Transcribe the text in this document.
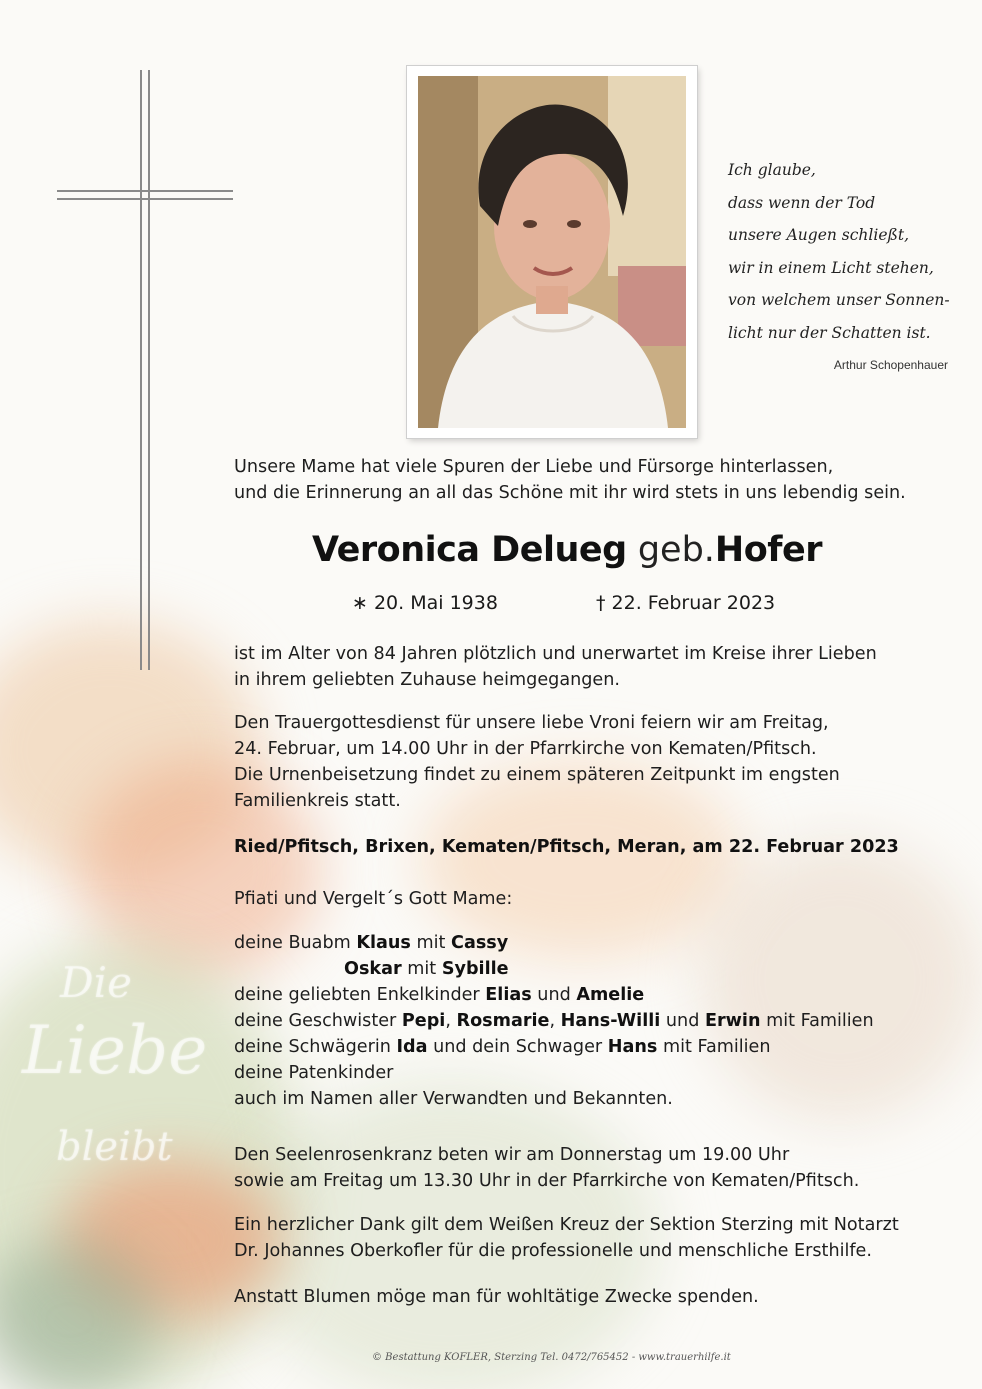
Die
Liebe
bleibt
Ich glaube,
dass wenn der Tod
unsere Augen schließt,
wir in einem Licht stehen,
von welchem unser Sonnen-
licht nur der Schatten ist.
Arthur Schopenhauer

Unsere Mame hat viele Spuren der Liebe und Fürsorge hinterlassen,

und die Erinnerung an all das Schöne mit ihr wird stets in uns lebendig sein.

Veronica Delueg geb.Hofer
∗ 20. Mai 1938	† 22. Februar 2023

ist im Alter von 84 Jahren plötzlich und unerwartet im Kreise ihrer Lieben

in ihrem geliebten Zuhause heimgegangen.

Den Trauergottesdienst für unsere liebe Vroni feiern wir am Freitag,

24. Februar, um 14.00 Uhr in der Pfarrkirche von Kematen/Pfitsch.

Die Urnenbeisetzung findet zu einem späteren Zeitpunkt im engsten

Familienkreis statt.

Ried/Pfitsch, Brixen, Kematen/Pfitsch, Meran, am 22. Februar 2023

Pfiati und Vergelt´s Gott Mame:

deine Buabm Klaus mit Cassy

Oskar mit Sybille

deine geliebten Enkelkinder Elias und Amelie

deine Geschwister Pepi, Rosmarie, Hans-Willi und Erwin mit Familien

deine Schwägerin Ida und dein Schwager Hans mit Familien

deine Patenkinder

auch im Namen aller Verwandten und Bekannten.

Den Seelenrosenkranz beten wir am Donnerstag um 19.00 Uhr

sowie am Freitag um 13.30 Uhr in der Pfarrkirche von Kematen/Pfitsch.

Ein herzlicher Dank gilt dem Weißen Kreuz der Sektion Sterzing mit Notarzt

Dr. Johannes Oberkofler für die professionelle und menschliche Ersthilfe.

Anstatt Blumen möge man für wohltätige Zwecke spenden.

© Bestattung KOFLER, Sterzing Tel. 0472/765452 - www.trauerhilfe.it
